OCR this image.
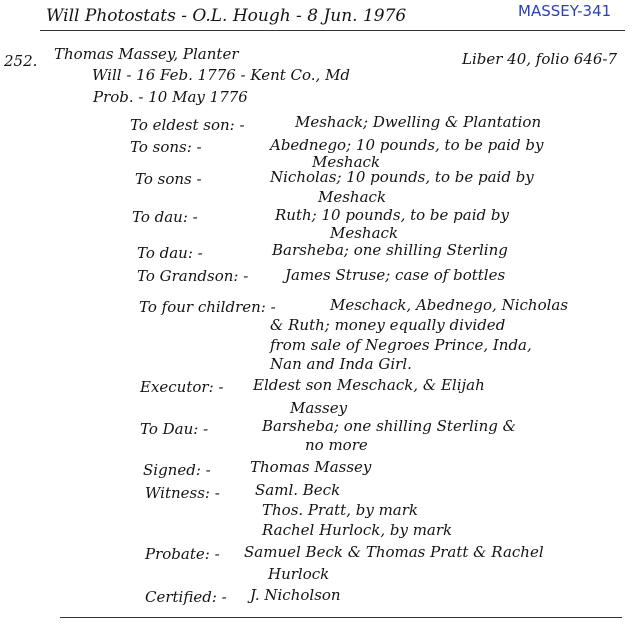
Will Photostats - O.L. Hough - 8 Jun. 1976	MASSEY-341
252. Thomas Massey, Planter	Liber 40, folio 646-7
Will - 16 Feb. 1776 - Kent Co., Md
Prob. - 10 May 1776
To eldest son: -	Meshack; Dwelling & Plantation
To sons: -	Abednego; 10 pounds, to be paid by
Meshack
To sons -	Nicholas; 10 pounds, to be paid by
Meshack
To dau: -	Ruth; 10 pounds, to be paid by
Meshack
To dau: -	Barsheba; one shilling Sterling
To Grandson: - James Struse; case of bottles
To four children: -	Meschack, Abednego, Nicholas
& Ruth; money equally divided
from sale of Negroes Prince, Inda,
Nan and Inda Girl.
Executor: - Eldest son Meschack, & Elijah
Massey
To Dau: -	Barsheba; one shilling Sterling &
no more
Signed: -	Thomas Massey
Witness: - Saml. Beck
Thos. Pratt, by mark
Rachel Hurlock, by mark
Probate: - Samuel Beck & Thomas Pratt & Rachel
Hurlock
Certified: - J. Nicholson
